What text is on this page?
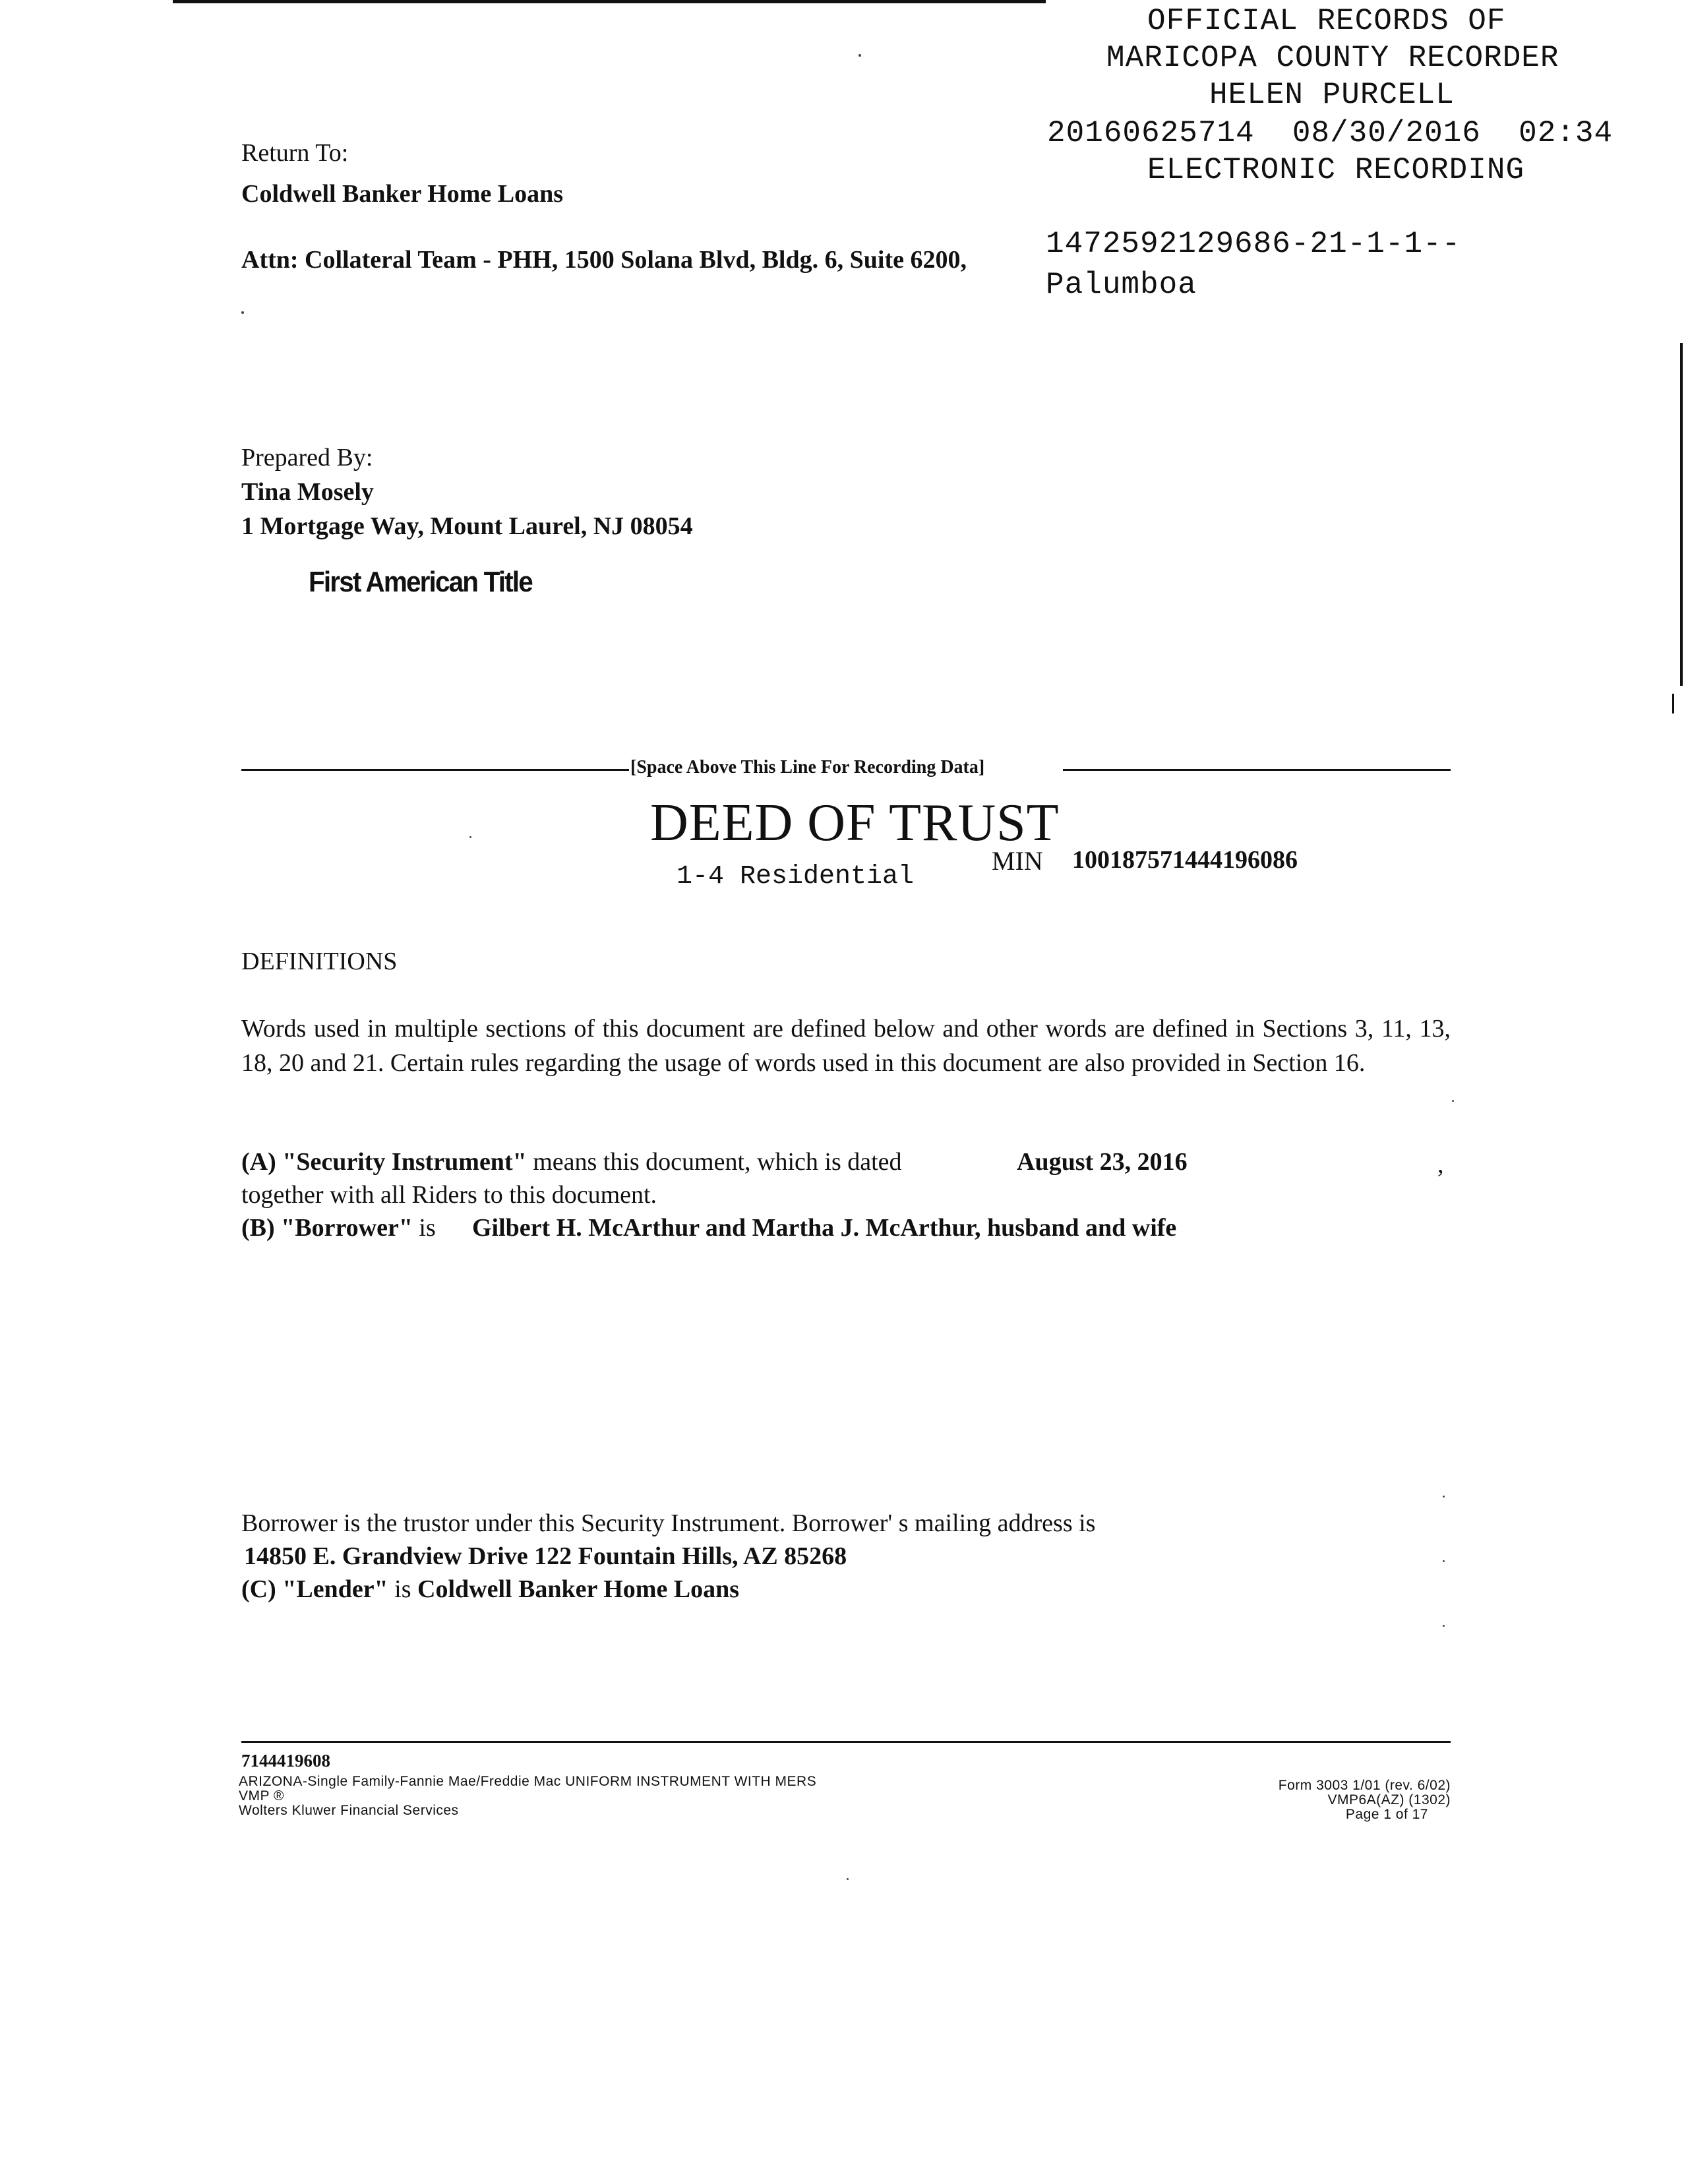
OFFICIAL RECORDS OF

MARICOPA COUNTY RECORDER

HELEN PURCELL

20160625714  08/30/2016  02:34

ELECTRONIC RECORDING

1472592129686-21-1-1--
Palumboa
Return To:
Coldwell Banker Home Loans
Attn: Collateral Team - PHH, 1500 Solana Blvd, Bldg. 6, Suite 6200,
Prepared By:
Tina Mosely
1 Mortgage Way, Mount Laurel, NJ 08054
First American Title
[Space Above This Line For Recording Data]
DEED OF TRUST
1-4 Residential
MIN 100187571444196086
DEFINITIONS
Words used in multiple sections of this document are defined below and other words are defined in Sections 3, 11, 13, 18, 20 and 21. Certain rules regarding the usage of words used in this document are also provided in Section 16.
(A) "Security Instrument" means this document, which is dated	August 23, 2016	,
together with all Riders to this document.
(B) "Borrower" is Gilbert H. McArthur and Martha J. McArthur, husband and wife
Borrower is the trustor under this Security Instrument. Borrower' s mailing address is
14850 E. Grandview Drive 122 Fountain Hills, AZ 85268
(C) "Lender" is Coldwell Banker Home Loans
7144419608
ARIZONA-Single Family-Fannie Mae/Freddie Mac UNIFORM INSTRUMENT WITH MERS
VMP ®
Wolters Kluwer Financial Services
Form 3003 1/01 (rev. 6/02)
VMP6A(AZ) (1302)
Page 1 of 17
